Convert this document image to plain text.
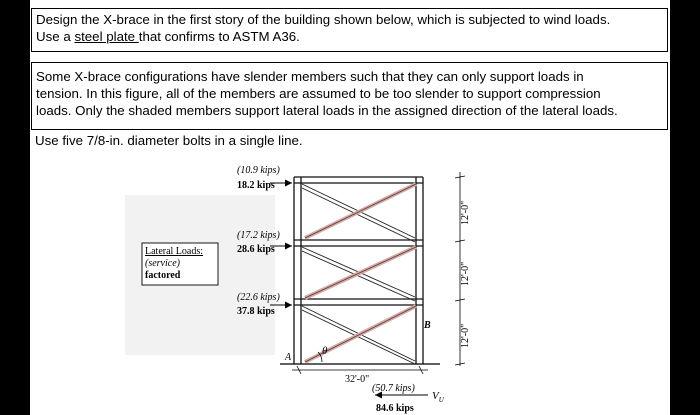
Design the X-brace in the first story of the building shown below, which is subjected to wind loads.
Use a steel plate that confirms to ASTM A36.
Some X-brace configurations have slender members such that they can only support loads in
tension. In this figure, all of the members are assumed to be too slender to support compression
loads. Only the shaded members support lateral loads in the assigned direction of the lateral loads.
Use five 7/8-in. diameter bolts in a single line.
(10.9 kips)
18.2 kips
(17.2 kips)
28.6 kips
(22.6 kips)
37.8 kips
Lateral Loads:
(service)
factored
12'-0"
12'-0"
12'-0"
32'-0"
θ
A
B
(50.7 kips)
84.6 kips
$V_U$
